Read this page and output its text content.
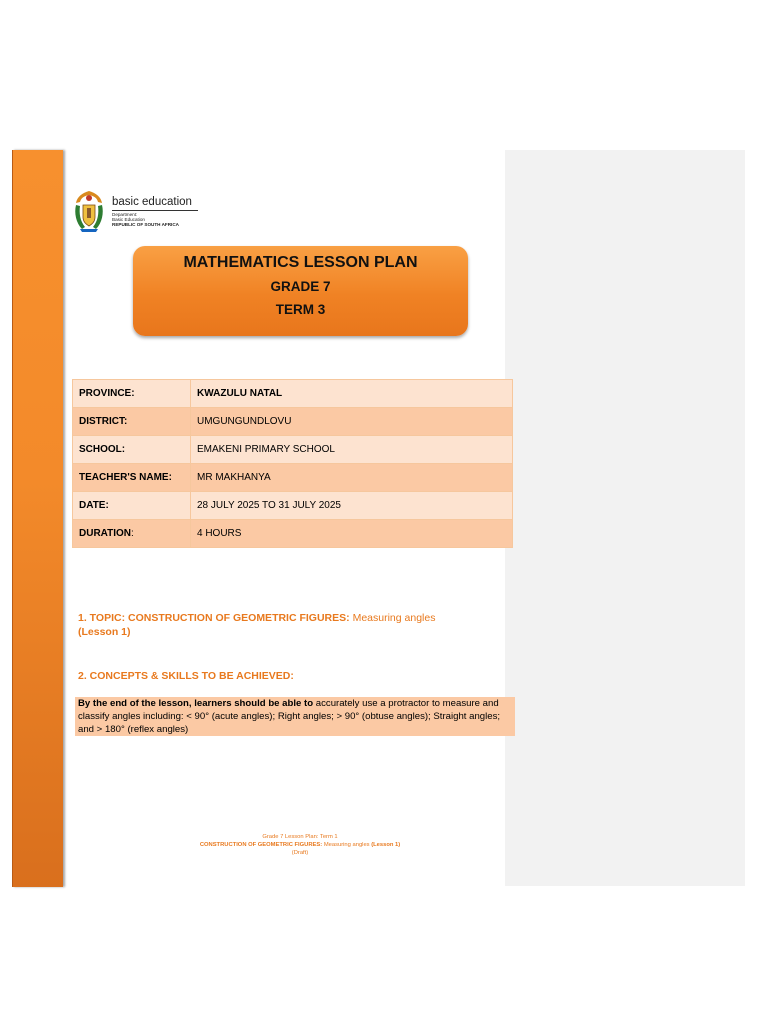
basic education
Department:
Basic Education
REPUBLIC OF SOUTH AFRICA
MATHEMATICS LESSON PLAN
GRADE 7
TERM 3
PROVINCE:	KWAZULU NATAL
DISTRICT:	UMGUNGUNDLOVU
SCHOOL:	EMAKENI PRIMARY SCHOOL
TEACHER'S NAME:	MR MAKHANYA
DATE:	28 JULY 2025 TO 31 JULY 2025
DURATION:	4 HOURS
1. TOPIC: CONSTRUCTION OF GEOMETRIC FIGURES: Measuring angles
(Lesson 1)
2. CONCEPTS & SKILLS TO BE ACHIEVED:

By the end of the lesson, learners should be able to accurately use a protractor to measure and classify angles including: < 90° (acute angles); Right angles; > 90° (obtuse angles); Straight angles; and > 180° (reflex angles)

Grade 7 Lesson Plan: Term 1
CONSTRUCTION OF GEOMETRIC FIGURES: Measuring angles (Lesson 1)
(Draft)
